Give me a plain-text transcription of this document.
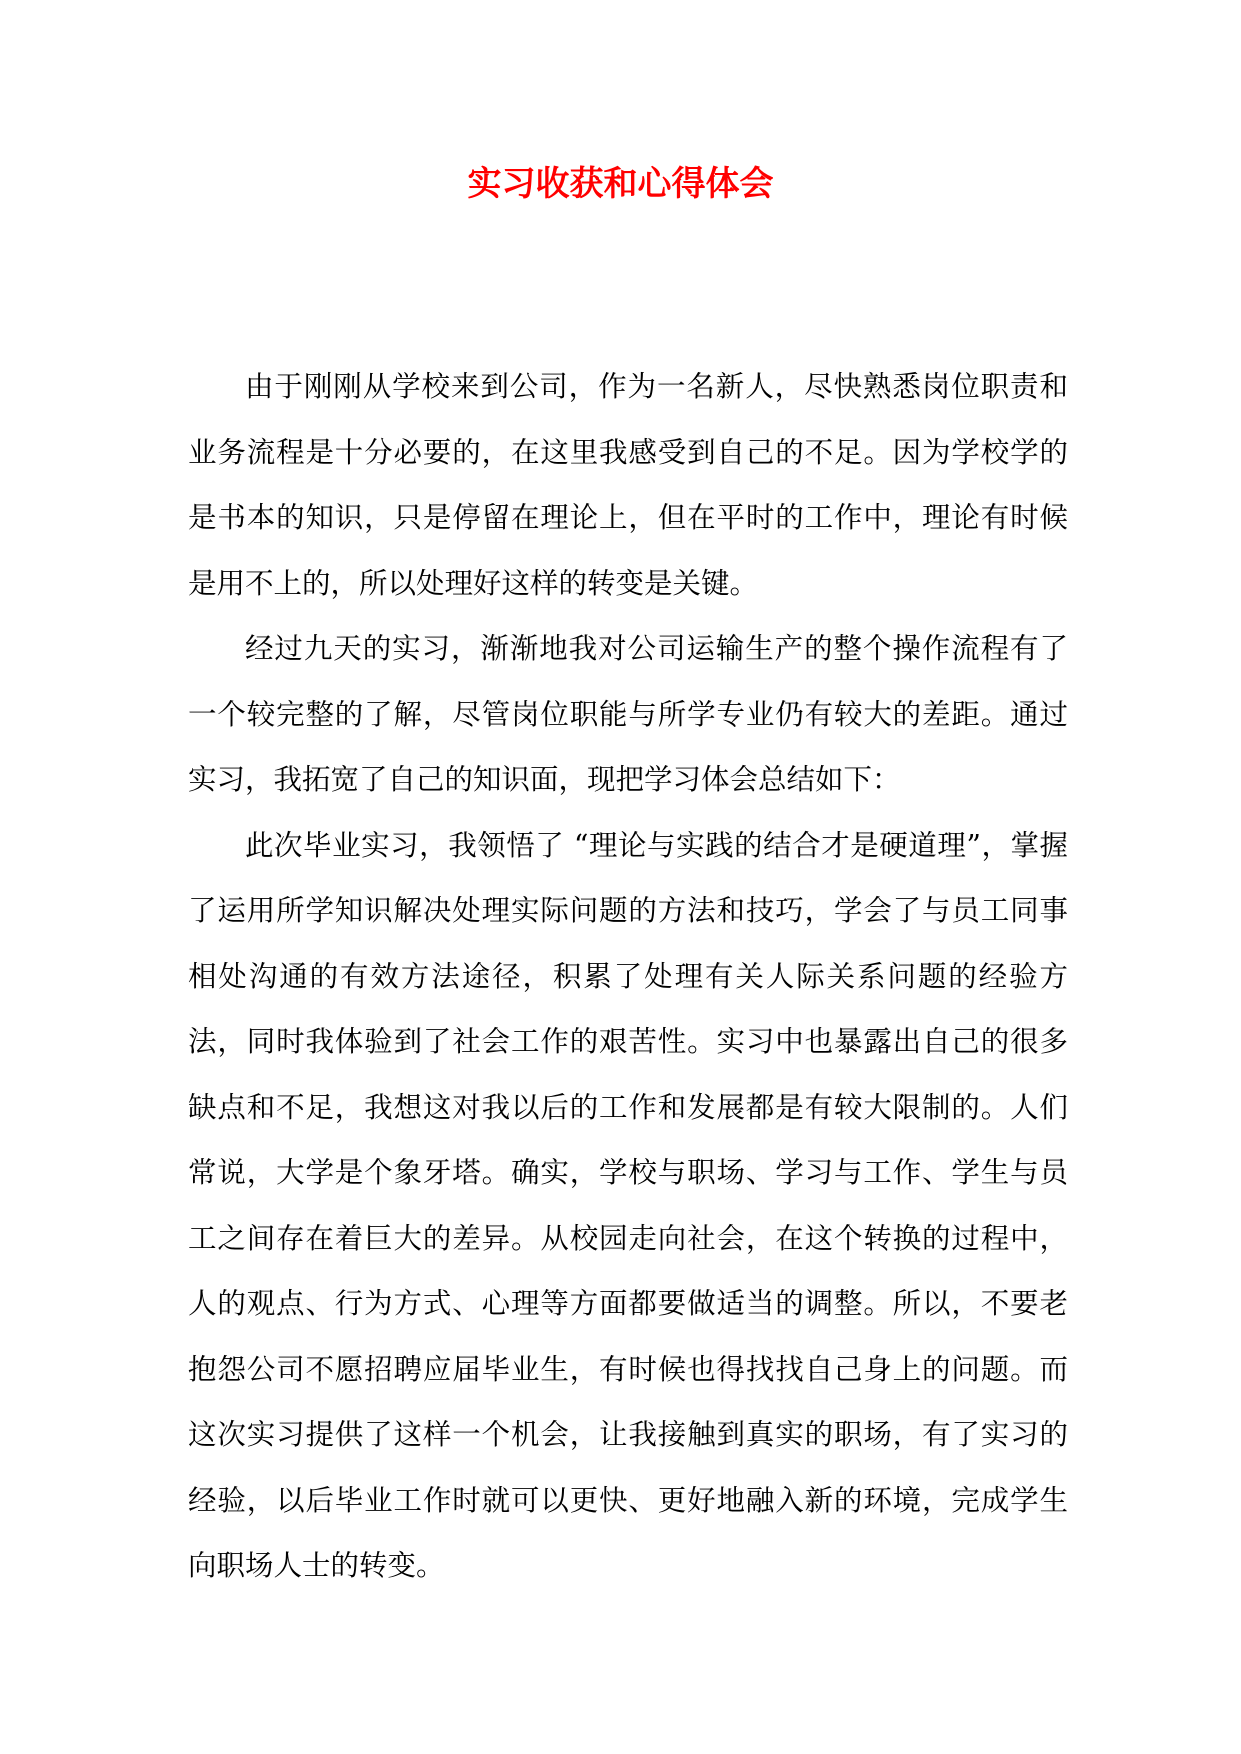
实习收获和心得体会

由于刚刚从学校来到公司，作为一名新人，尽快熟悉岗位职责和业务流程是十分必要的，在这里我感受到自己的不足。因为学校学的是书本的知识，只是停留在理论上，但在平时的工作中，理论有时候是用不上的，所以处理好这样的转变是关键。

经过九天的实习，渐渐地我对公司运输生产的整个操作流程有了一个较完整的了解，尽管岗位职能与所学专业仍有较大的差距。通过实习，我拓宽了自己的知识面，现把学习体会总结如下：

此次毕业实习，我领悟了 “理论与实践的结合才是硬道理”，掌握了运用所学知识解决处理实际问题的方法和技巧，学会了与员工同事相处沟通的有效方法途径，积累了处理有关人际关系问题的经验方法，同时我体验到了社会工作的艰苦性。实习中也暴露出自己的很多缺点和不足，我想这对我以后的工作和发展都是有较大限制的。人们常说，大学是个象牙塔。确实，学校与职场、学习与工作、学生与员工之间存在着巨大的差异。从校园走向社会，在这个转换的过程中，人的观点、行为方式、心理等方面都要做适当的调整。所以，不要老抱怨公司不愿招聘应届毕业生，有时候也得找找自己身上的问题。而这次实习提供了这样一个机会，让我接触到真实的职场，有了实习的经验，以后毕业工作时就可以更快、更好地融入新的环境，完成学生向职场人士的转变。
